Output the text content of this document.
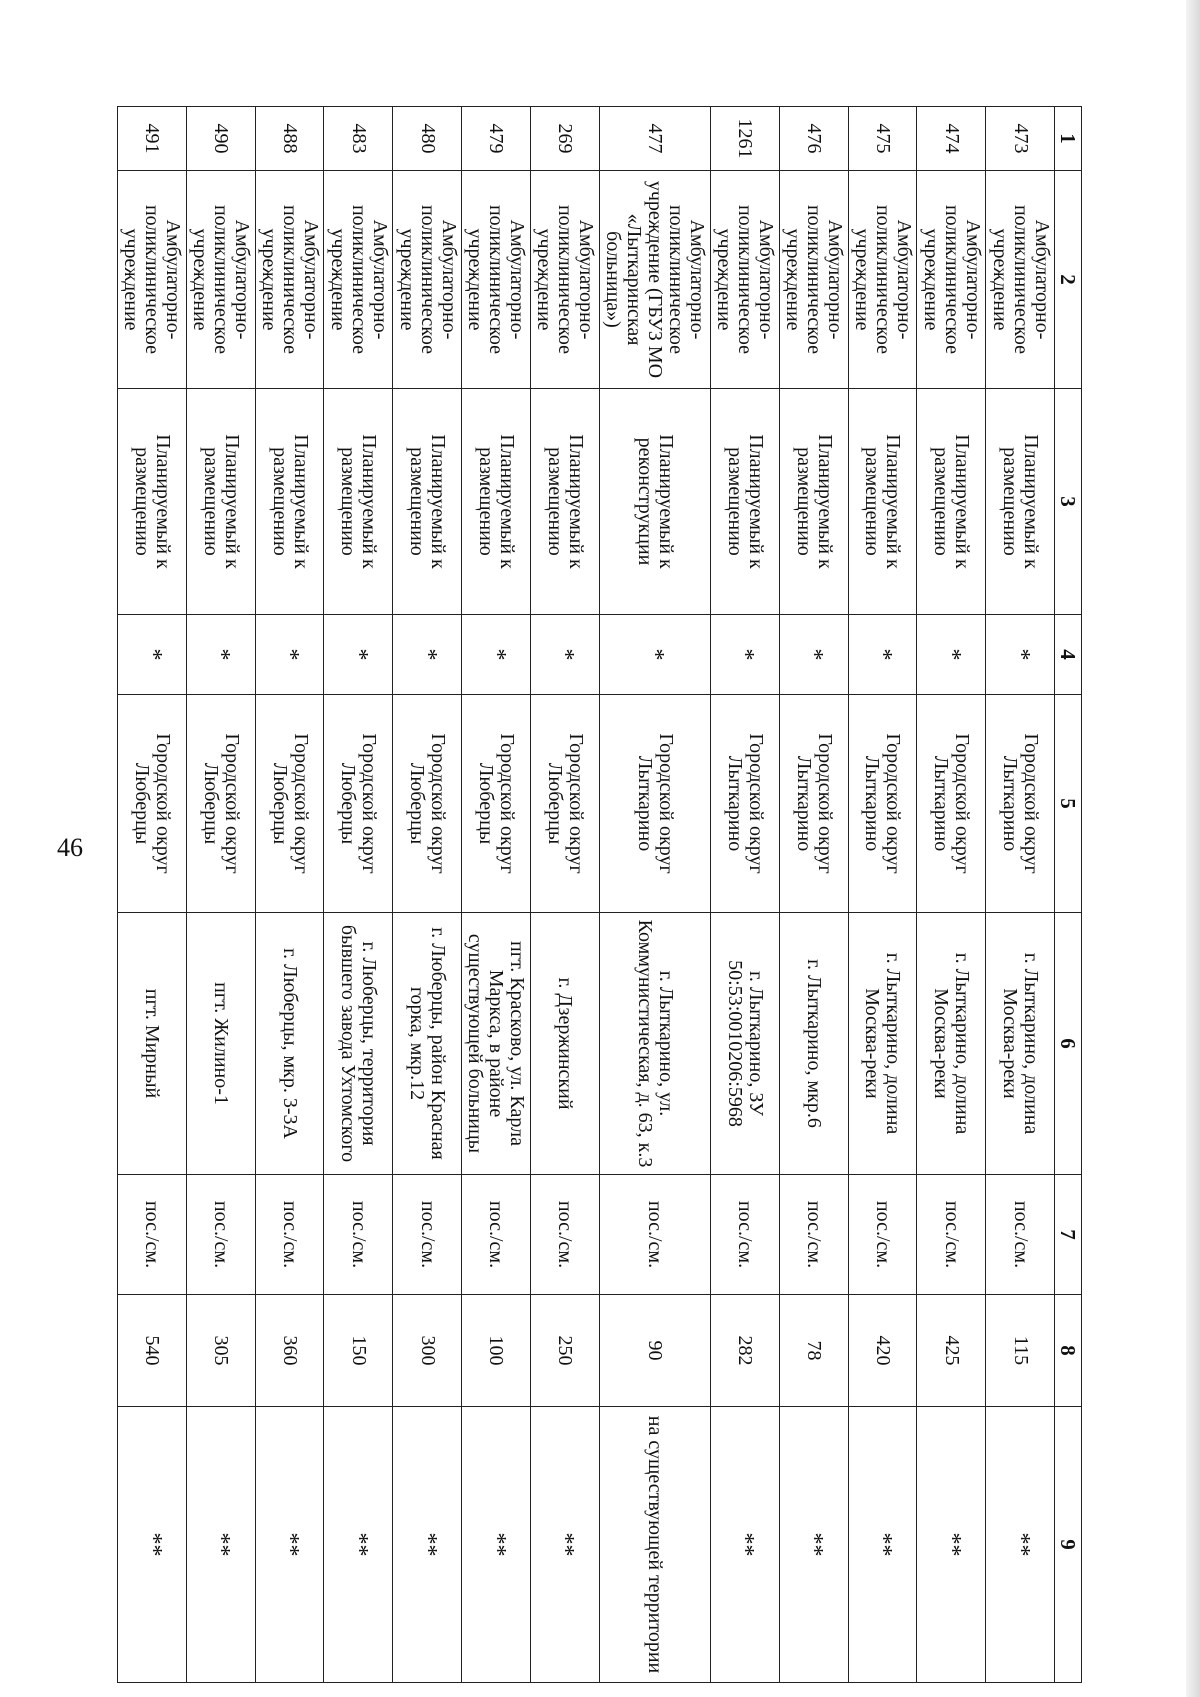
46
1	2	3	4	5	6	7	8	9
473	Амбулаторно-поликлиническое учреждение	Планируемый к размещению	*	Городской округ Лыткарино	г. Лыткарино, долина Москва-реки	пос./см.	115	**
474	Амбулаторно-поликлиническое учреждение	Планируемый к размещению	*	Городской округ Лыткарино	г. Лыткарино, долина Москва-реки	пос./см.	425	**
475	Амбулаторно-поликлиническое учреждение	Планируемый к размещению	*	Городской округ Лыткарино	г. Лыткарино, долина Москва-реки	пос./см.	420	**
476	Амбулаторно-поликлиническое учреждение	Планируемый к размещению	*	Городской округ Лыткарино	г. Лыткарино, мкр.6	пос./см.	78	**
1261	Амбулаторно-поликлиническое учреждение	Планируемый к размещению	*	Городской округ Лыткарино	г. Лыткарино, ЗУ 50:53:0010206:5968	пос./см.	282	**
477	Амбулаторно-поликлиническое учреждение (ГБУЗ МО «Лыткаринская больница»)	Планируемый к реконструкции	*	Городской округ Лыткарино	г. Лыткарино, ул. Коммунистическая, д. 63, к.3	пос./см.	90	на существующей территории
269	Амбулаторно-поликлиническое учреждение	Планируемый к размещению	*	Городской округ Люберцы	г. Дзержинский	пос./см.	250	**
479	Амбулаторно-поликлиническое учреждение	Планируемый к размещению	*	Городской округ Люберцы	пгт. Красково, ул. Карла Маркса, в районе существующей больницы	пос./см.	100	**
480	Амбулаторно-поликлиническое учреждение	Планируемый к размещению	*	Городской округ Люберцы	г. Люберцы, район Красная горка, мкр.12	пос./см.	300	**
483	Амбулаторно-поликлиническое учреждение	Планируемый к размещению	*	Городской округ Люберцы	г. Люберцы, территория бывшего завода Ухтомского	пос./см.	150	**
488	Амбулаторно-поликлиническое учреждение	Планируемый к размещению	*	Городской округ Люберцы	г. Люберцы, мкр. 3-3А	пос./см.	360	**
490	Амбулаторно-поликлиническое учреждение	Планируемый к размещению	*	Городской округ Люберцы	пгт. Жилино-1	пос./см.	305	**
491	Амбулаторно-поликлиническое учреждение	Планируемый к размещению	*	Городской округ Люберцы	пгт. Мирный	пос./см.	540	**
